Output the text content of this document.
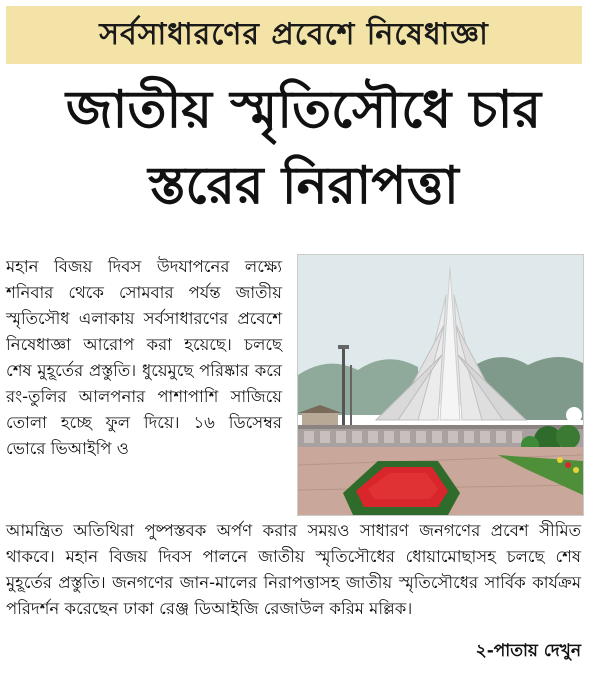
সর্বসাধারণের প্রবেশে নিষেধাজ্ঞা
জাতীয় স্মৃতিসৌধে চার
স্তরের নিরাপত্তা

মহান বিজয় দিবস উদযাপনের লক্ষ্যে শনিবার থেকে সোমবার পর্যন্ত জাতীয় স্মৃতিসৌধ এলাকায় সর্বসাধারণের প্রবেশে নিষেধাজ্ঞা আরোপ করা হয়েছে। চলছে শেষ মুহূর্তের প্রস্তুতি। ধুয়েমুছে পরিষ্কার করে রং-তুলির আলপনার পাশাপাশি সাজিয়ে তোলা হচ্ছে ফুল দিয়ে। ১৬ ডিসেম্বর ভোরে ভিআইপি ও

আমন্ত্রিত অতিথিরা পুষ্পস্তবক অর্পণ করার সময়ও সাধারণ জনগণের প্রবেশ সীমিত থাকবে। মহান বিজয় দিবস পালনে জাতীয় স্মৃতিসৌধের ধোয়ামোছাসহ চলছে শেষ মুহূর্তের প্রস্তুতি। জনগণের জান-মালের নিরাপত্তাসহ জাতীয় স্মৃতিসৌধের সার্বিক কার্যক্রম পরিদর্শন করেছেন ঢাকা রেঞ্জ ডিআইজি রেজাউল করিম মল্লিক।

২-পাতায় দেখুন
